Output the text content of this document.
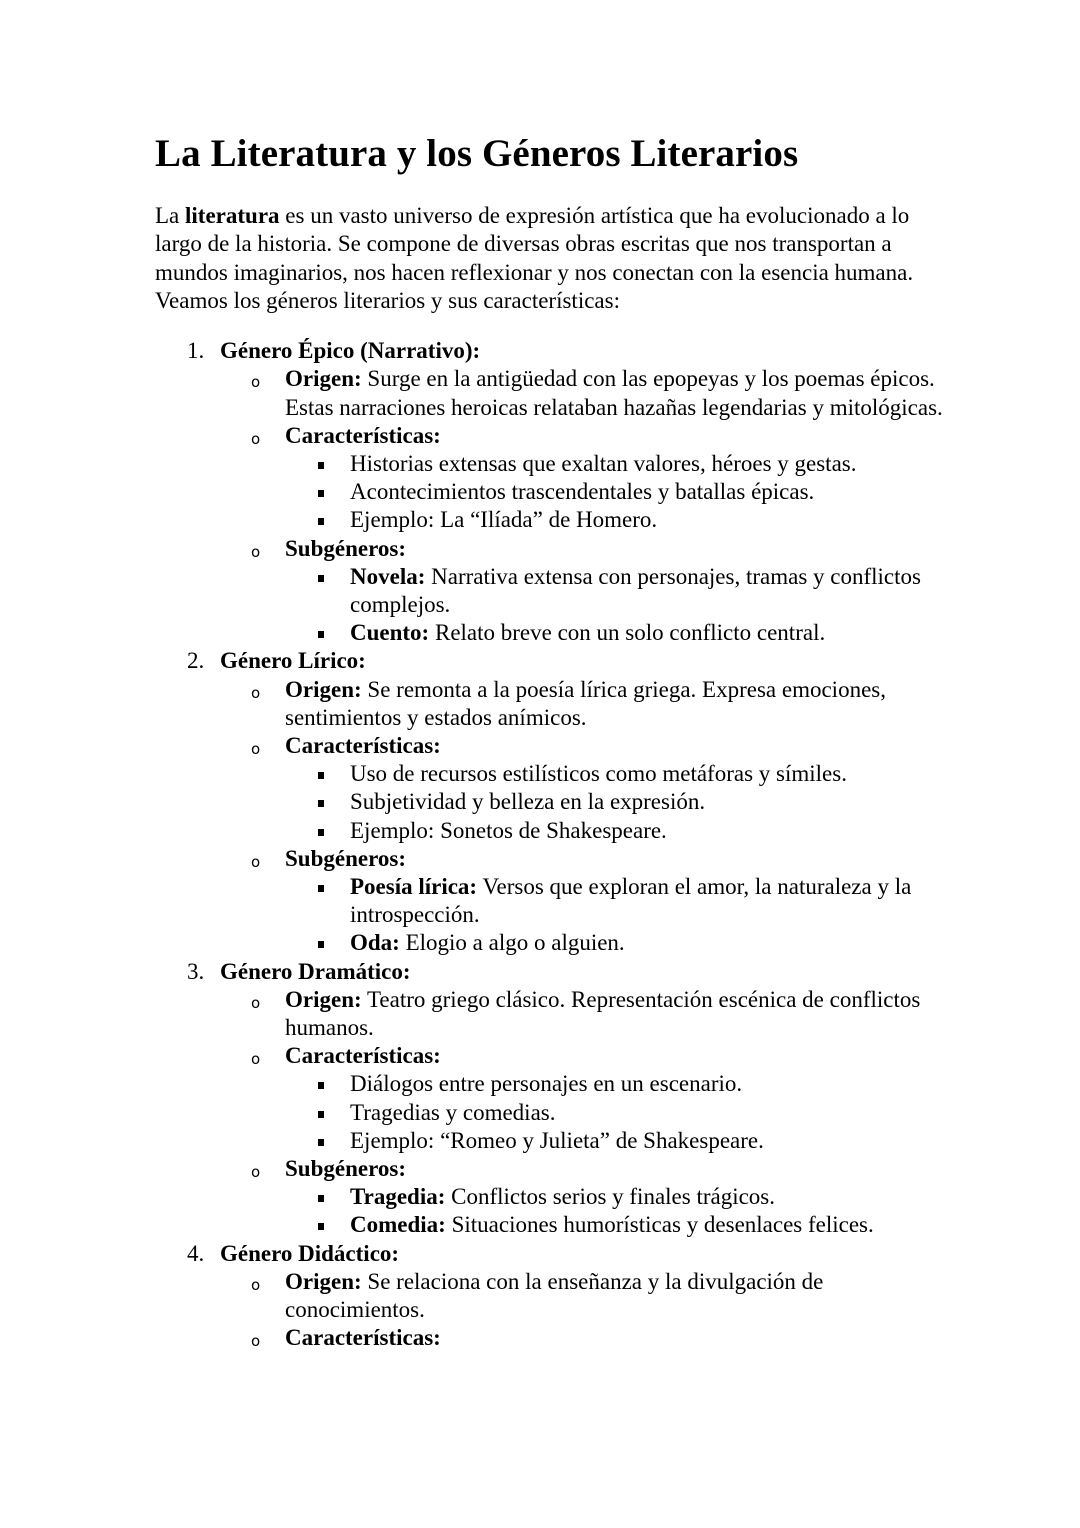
La Literatura y los Géneros Literarios

La literatura es un vasto universo de expresión artística que ha evolucionado a lo largo de la historia. Se compone de diversas obras escritas que nos transportan a mundos imaginarios, nos hacen reflexionar y nos conectan con la esencia humana. Veamos los géneros literarios y sus características:

1. Género Épico (Narrativo):
o Origen: Surge en la antigüedad con las epopeyas y los poemas épicos. Estas narraciones heroicas relataban hazañas legendarias y mitológicas.
o Características:
Historias extensas que exaltan valores, héroes y gestas.
Acontecimientos trascendentales y batallas épicas.
Ejemplo: La “Ilíada” de Homero.
o Subgéneros:
Novela: Narrativa extensa con personajes, tramas y conflictos complejos.
Cuento: Relato breve con un solo conflicto central.
2. Género Lírico:
o Origen: Se remonta a la poesía lírica griega. Expresa emociones, sentimientos y estados anímicos.
o Características:
Uso de recursos estilísticos como metáforas y símiles.
Subjetividad y belleza en la expresión.
Ejemplo: Sonetos de Shakespeare.
o Subgéneros:
Poesía lírica: Versos que exploran el amor, la naturaleza y la introspección.
Oda: Elogio a algo o alguien.
3. Género Dramático:
o Origen: Teatro griego clásico. Representación escénica de conflictos humanos.
o Características:
Diálogos entre personajes en un escenario.
Tragedias y comedias.
Ejemplo: “Romeo y Julieta” de Shakespeare.
o Subgéneros:
Tragedia: Conflictos serios y finales trágicos.
Comedia: Situaciones humorísticas y desenlaces felices.
4. Género Didáctico:
o Origen: Se relaciona con la enseñanza y la divulgación de conocimientos.
o Características:
